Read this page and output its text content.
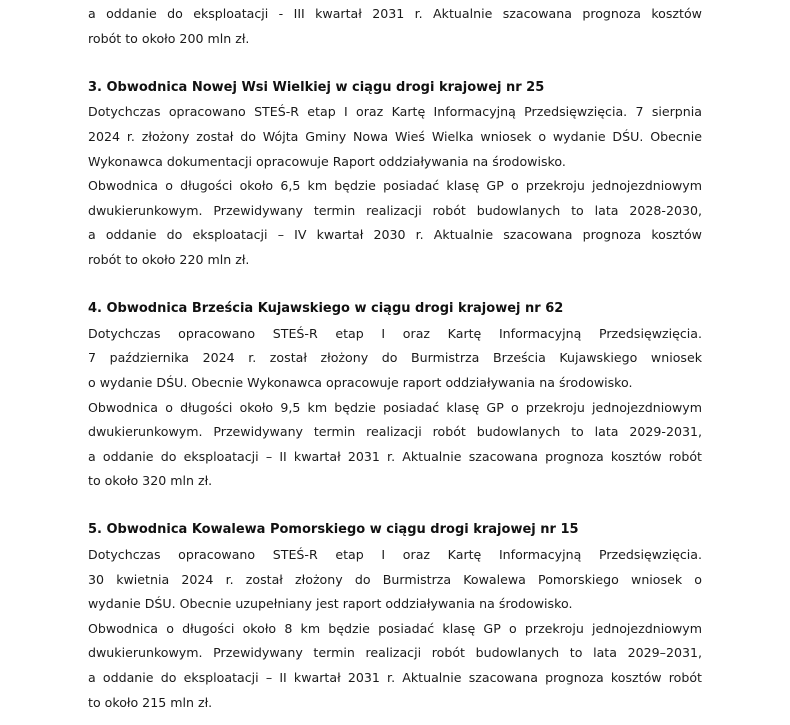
a oddanie do eksploatacji - III kwartał 2031 r. Aktualnie szacowana prognoza kosztów
robót to około 200 mln zł.
3. Obwodnica Nowej Wsi Wielkiej w ciągu drogi krajowej nr 25
Dotychczas opracowano STEŚ-R etap I oraz Kartę Informacyjną Przedsięwzięcia. 7 sierpnia
2024 r. złożony został do Wójta Gminy Nowa Wieś Wielka wniosek o wydanie DŚU. Obecnie
Wykonawca dokumentacji opracowuje Raport oddziaływania na środowisko.
Obwodnica o długości około 6,5 km będzie posiadać klasę GP o przekroju jednojezdniowym
dwukierunkowym. Przewidywany termin realizacji robót budowlanych to lata 2028-2030,
a oddanie do eksploatacji – IV kwartał 2030 r. Aktualnie szacowana prognoza kosztów
robót to około 220 mln zł.
4. Obwodnica Brześcia Kujawskiego w ciągu drogi krajowej nr 62
Dotychczas opracowano STEŚ-R etap I oraz Kartę Informacyjną Przedsięwzięcia.
7 października 2024 r. został złożony do Burmistrza Brześcia Kujawskiego wniosek
o wydanie DŚU. Obecnie Wykonawca opracowuje raport oddziaływania na środowisko.
Obwodnica o długości około 9,5 km będzie posiadać klasę GP o przekroju jednojezdniowym
dwukierunkowym. Przewidywany termin realizacji robót budowlanych to lata 2029-2031,
a oddanie do eksploatacji – II kwartał 2031 r. Aktualnie szacowana prognoza kosztów robót
to około 320 mln zł.
5. Obwodnica Kowalewa Pomorskiego w ciągu drogi krajowej nr 15
Dotychczas opracowano STEŚ-R etap I oraz Kartę Informacyjną Przedsięwzięcia.
30 kwietnia 2024 r. został złożony do Burmistrza Kowalewa Pomorskiego wniosek o
wydanie DŚU. Obecnie uzupełniany jest raport oddziaływania na środowisko.
Obwodnica o długości około 8 km będzie posiadać klasę GP o przekroju jednojezdniowym
dwukierunkowym. Przewidywany termin realizacji robót budowlanych to lata 2029–2031,
a oddanie do eksploatacji – II kwartał 2031 r. Aktualnie szacowana prognoza kosztów robót
to około 215 mln zł.
